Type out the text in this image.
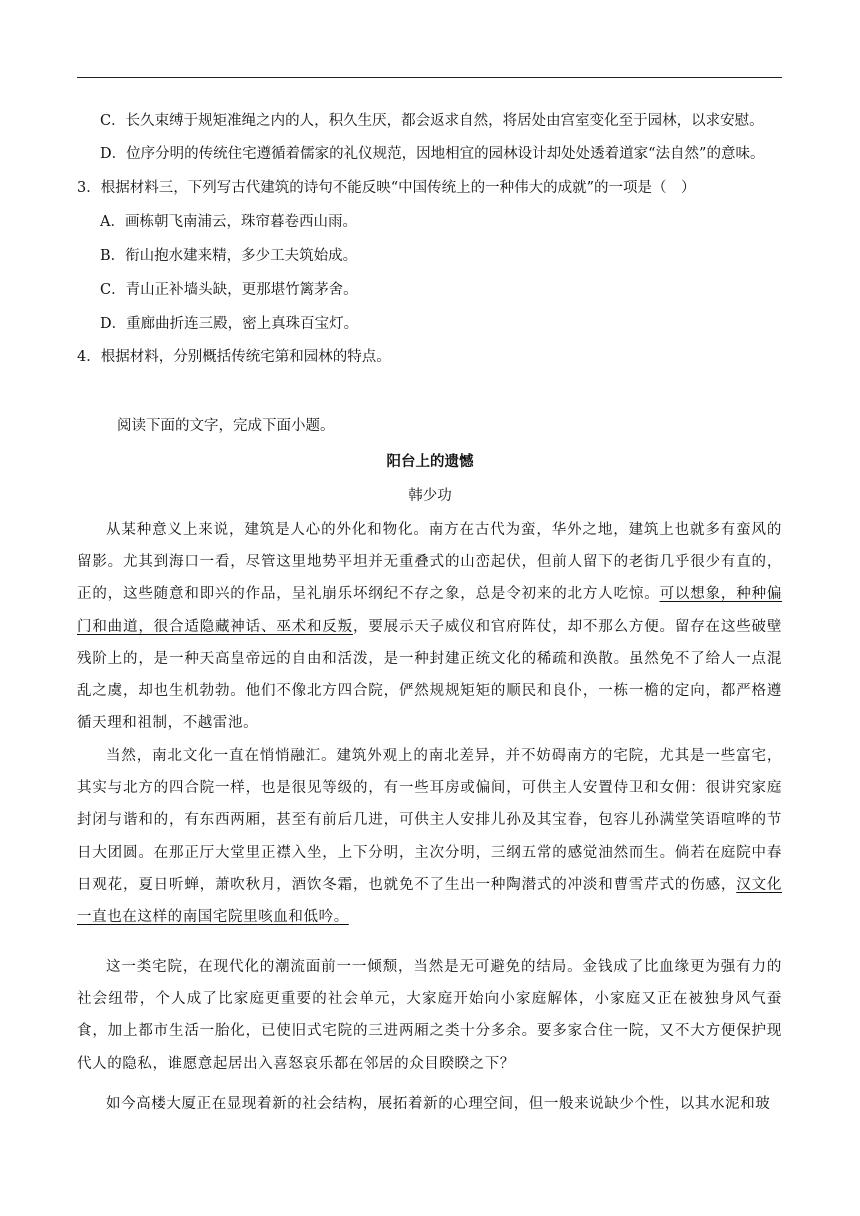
C．长久束缚于规矩准绳之内的人，积久生厌，都会返求自然，将居处由宫室变化至于园林，以求安慰。
D．位序分明的传统住宅遵循着儒家的礼仪规范，因地相宜的园林设计却处处透着道家“法自然”的意味。
3．根据材料三，下列写古代建筑的诗句不能反映“中国传统上的一种伟大的成就”的一项是（　）
A．画栋朝飞南浦云，珠帘暮卷西山雨。
B．衔山抱水建来精，多少工夫筑始成。
C．青山正补墙头缺，更那堪竹篱茅舍。
D．重廊曲折连三殿，密上真珠百宝灯。
4．根据材料，分别概括传统宅第和园林的特点。
阅读下面的文字，完成下面小题。
阳台上的遗憾
韩少功
从某种意义上来说，建筑是人心的外化和物化。南方在古代为蛮，华外之地，建筑上也就多有蛮风的留影。尤其到海口一看，尽管这里地势平坦并无重叠式的山峦起伏，但前人留下的老街几乎很少有直的，正的，这些随意和即兴的作品，呈礼崩乐坏纲纪不存之象，总是令初来的北方人吃惊。可以想象，种种偏门和曲道，很合适隐藏神话、巫术和反叛，要展示天子威仪和官府阵仗，却不那么方便。留存在这些破壁残阶上的，是一种天高皇帝远的自由和活泼，是一种封建正统文化的稀疏和涣散。虽然免不了给人一点混乱之虞，却也生机勃勃。他们不像北方四合院，俨然规规矩矩的顺民和良仆，一栋一檐的定向，都严格遵循天理和祖制，不越雷池。
当然，南北文化一直在悄悄融汇。建筑外观上的南北差异，并不妨碍南方的宅院，尤其是一些富宅，其实与北方的四合院一样，也是很见等级的，有一些耳房或偏间，可供主人安置侍卫和女佣：很讲究家庭封闭与谐和的，有东西两厢，甚至有前后几进，可供主人安排儿孙及其宝眷，包容儿孙满堂笑语喧哗的节日大团圆。在那正厅大堂里正襟入坐，上下分明，主次分明，三纲五常的感觉油然而生。倘若在庭院中春日观花，夏日听蝉，萧吹秋月，酒饮冬霜，也就免不了生出一种陶潜式的冲淡和曹雪芹式的伤感，汉文化一直也在这样的南国宅院里咳血和低吟。
这一类宅院，在现代化的潮流面前一一倾颓，当然是无可避免的结局。金钱成了比血缘更为强有力的社会纽带，个人成了比家庭更重要的社会单元，大家庭开始向小家庭解体，小家庭又正在被独身风气蚕食，加上都市生活一胎化，已使旧式宅院的三进两厢之类十分多余。要多家合住一院，又不大方便保护现代人的隐私，谁愿意起居出入喜怒哀乐都在邻居的众目睽睽之下？
如今高楼大厦正在显现着新的社会结构，展拓着新的心理空间，但一般来说缺少个性，以其水泥和玻
